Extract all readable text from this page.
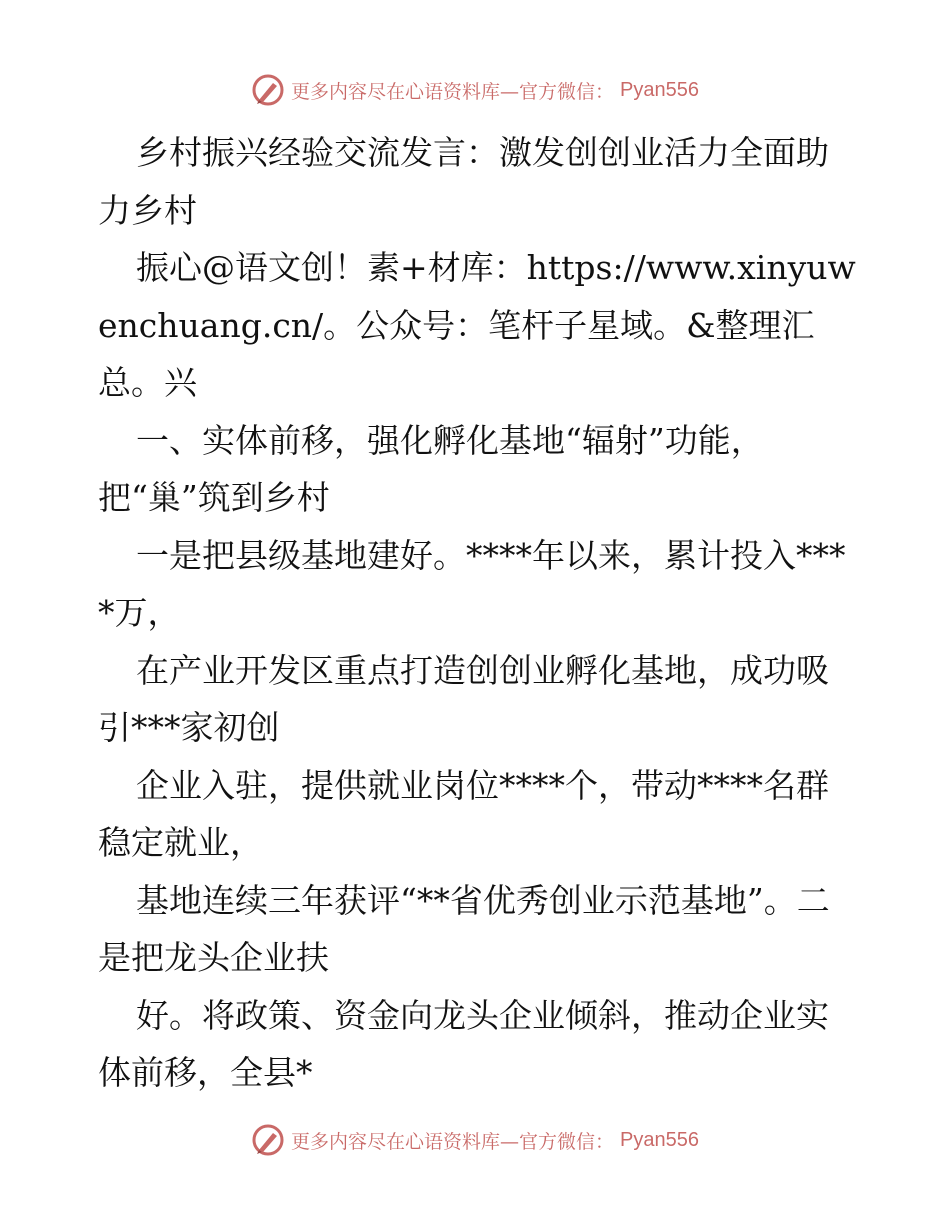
更多内容尽在心语资料库—官方微信： Pyan556

乡村振兴经验交流发言：激发创创业活力全面助力乡村

振心@语文创！素+材库：https://www.xinyuwenchuang.cn/。公众号：笔杆子星域。&整理汇总。兴

一、实体前移，强化孵化基地“辐射”功能，把“巢”筑到乡村

一是把县级基地建好。****年以来，累计投入****万，

在产业开发区重点打造创创业孵化基地，成功吸引***家初创

企业入驻，提供就业岗位****个，带动****名群稳定就业，

基地连续三年获评“**省优秀创业示范基地”。二是把龙头企业扶

好。将政策、资金向龙头企业倾斜，推动企业实体前移，全县*

更多内容尽在心语资料库—官方微信： Pyan556
